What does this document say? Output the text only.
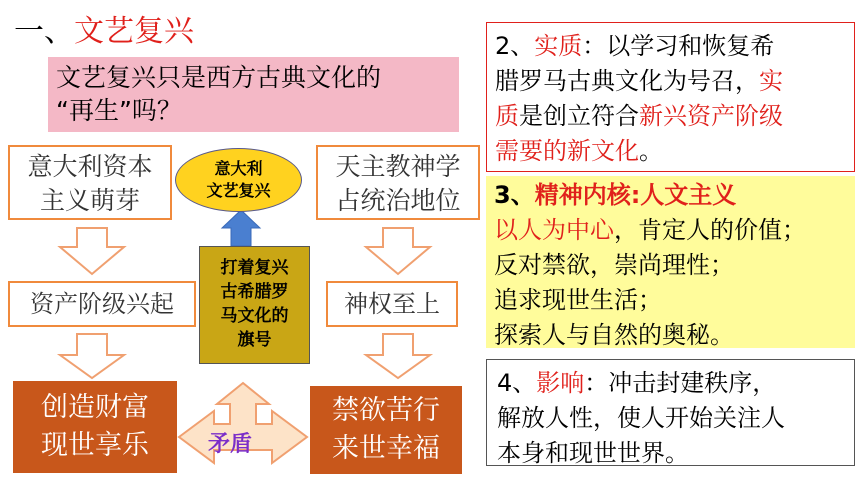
一、文艺复兴
文艺复兴只是西方古典文化的
“再生”吗？
意大利资本
主义萌芽
天主教神学
占统治地位
资产阶级兴起	神权至上
创造财富
现世享乐
禁欲苦行
来世幸福
意大利
文艺复兴
打着复兴
古希腊罗
马文化的
旗号
矛盾
2、实质：以学习和恢复希
腊罗马古典文化为号召，实
质是创立符合新兴资产阶级
需要的新文化。
3、精神内核:人文主义
以人为中心，肯定人的价值；
反对禁欲，崇尚理性；
追求现世生活；
探索人与自然的奥秘。
4、影响：冲击封建秩序，
解放人性，使人开始关注人
本身和现世世界。
